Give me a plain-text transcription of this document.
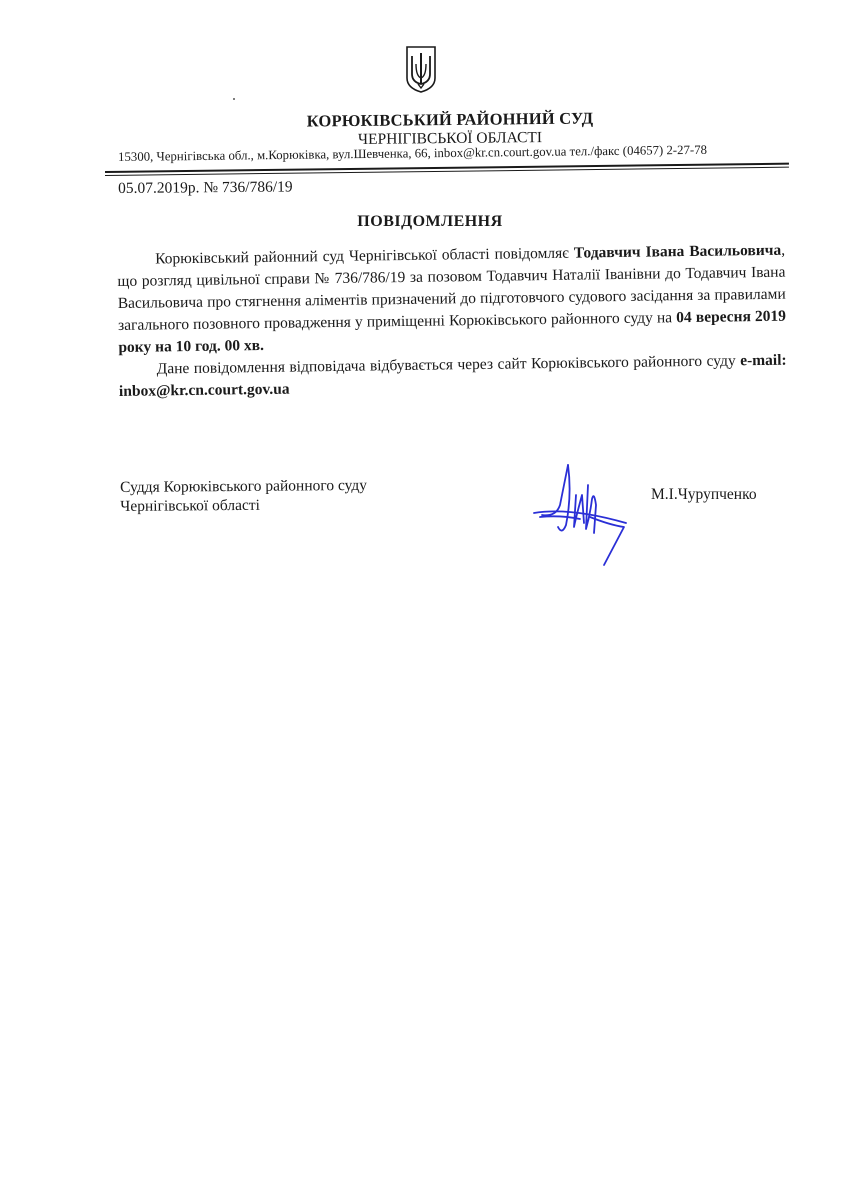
КОРЮКІВСЬКИЙ РАЙОННИЙ СУД
ЧЕРНІГІВСЬКОЇ ОБЛАСТІ
15300, Чернігівська обл., м.Корюківка, вул.Шевченка, 66, inbox@kr.cn.court.gov.ua тел./факс (04657) 2-27-78
05.07.2019р. № 736/786/19
ПОВІДОМЛЕННЯ

Корюківський районний суд Чернігівської області повідомляє Тодавчич Івана Васильовича, що розгляд цивільної справи № 736/786/19 за позовом Тодавчич Наталії Іванівни до Тодавчич Івана Васильовича про стягнення аліментів призначений до підготовчого судового засідання за правилами загального позовного провадження у приміщенні Корюківського районного суду на 04 вересня 2019 року на 10 год. 00 хв.

Дане повідомлення відповідача відбувається через сайт Корюківського районного суду e-mail: inbox@kr.cn.court.gov.ua

Суддя Корюківського районного суду
Чернігівської області
М.І.Чурупченко
